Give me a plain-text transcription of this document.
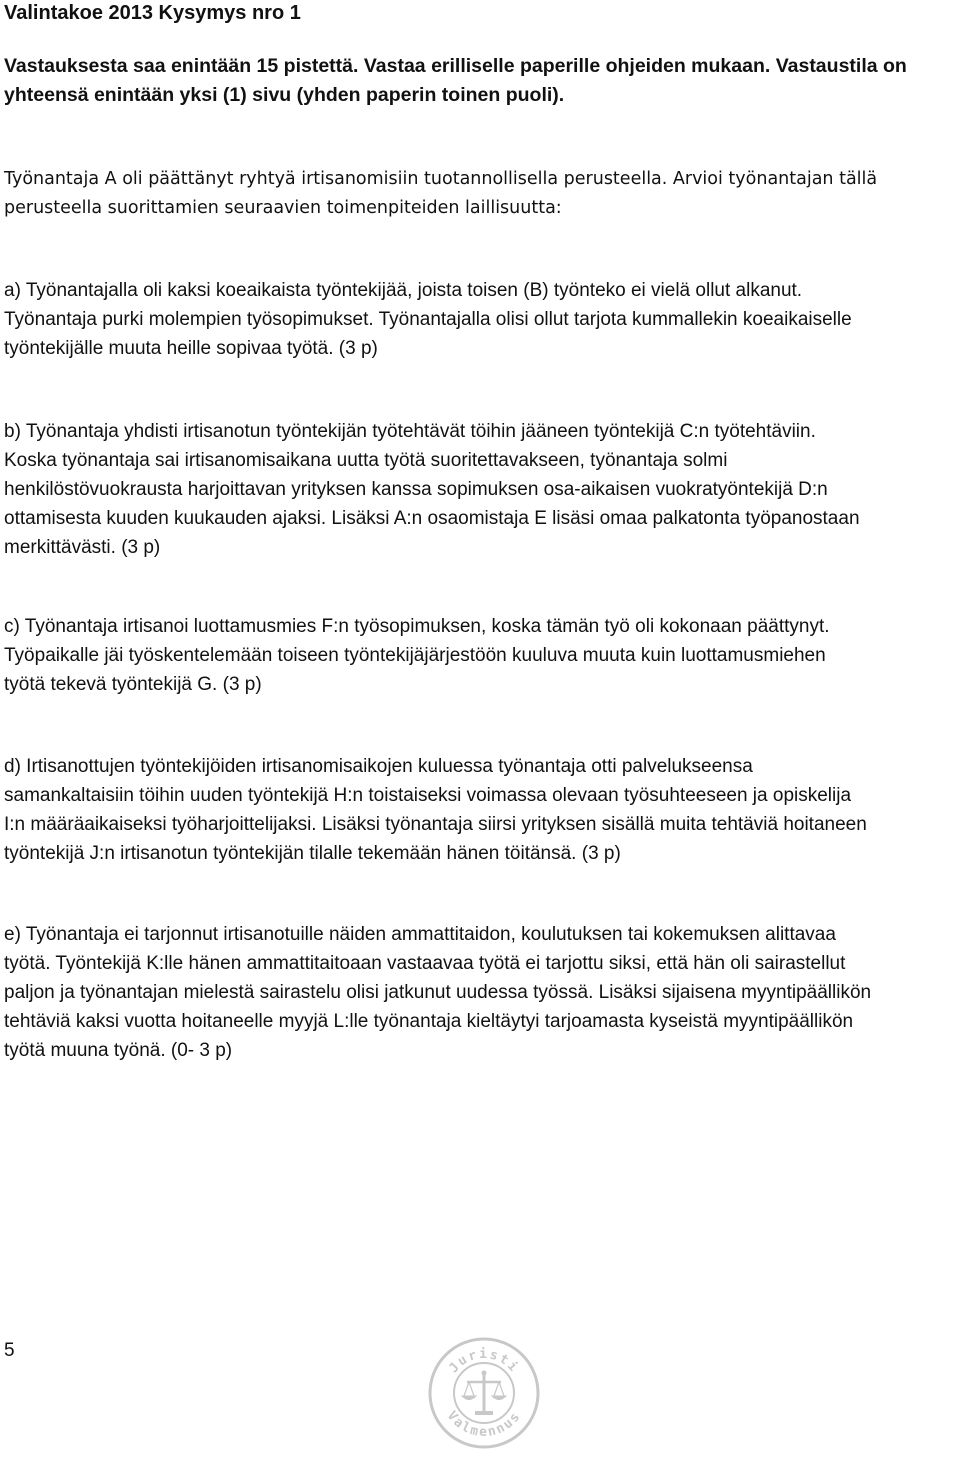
Valintakoe 2013 Kysymys nro 1

Vastauksesta saa enintään 15 pistettä. Vastaa erilliselle paperille ohjeiden mukaan. Vastaustila on
yhteensä enintään yksi (1) sivu (yhden paperin toinen puoli).

Työnantaja A oli päättänyt ryhtyä irtisanomisiin tuotannollisella perusteella. Arvioi työnantajan tällä
perusteella suorittamien seuraavien toimenpiteiden laillisuutta:

a) Työnantajalla oli kaksi koeaikaista työntekijää, joista toisen (B) työnteko ei vielä ollut alkanut.
Työnantaja purki molempien työsopimukset. Työnantajalla olisi ollut tarjota kummallekin koeaikaiselle
työntekijälle muuta heille sopivaa työtä. (3 p)

b) Työnantaja yhdisti irtisanotun työntekijän työtehtävät töihin jääneen työntekijä C:n työtehtäviin.
Koska työnantaja sai irtisanomisaikana uutta työtä suoritettavakseen, työnantaja solmi
henkilöstövuokrausta harjoittavan yrityksen kanssa sopimuksen osa-aikaisen vuokratyöntekijä D:n
ottamisesta kuuden kuukauden ajaksi. Lisäksi A:n osaomistaja E lisäsi omaa palkatonta työpanostaan
merkittävästi. (3 p)

c) Työnantaja irtisanoi luottamusmies F:n työsopimuksen, koska tämän työ oli kokonaan päättynyt.
Työpaikalle jäi työskentelemään toiseen työntekijäjärjestöön kuuluva muuta kuin luottamusmiehen
työtä tekevä työntekijä G. (3 p)

d) Irtisanottujen työntekijöiden irtisanomisaikojen kuluessa työnantaja otti palvelukseensa
samankaltaisiin töihin uuden työntekijä H:n toistaiseksi voimassa olevaan työsuhteeseen ja opiskelija
I:n määräaikaiseksi työharjoittelijaksi. Lisäksi työnantaja siirsi yrityksen sisällä muita tehtäviä hoitaneen
työntekijä J:n irtisanotun työntekijän tilalle tekemään hänen töitänsä. (3 p)

e) Työnantaja ei tarjonnut irtisanotuille näiden ammattitaidon, koulutuksen tai kokemuksen alittavaa
työtä. Työntekijä K:lle hänen ammattitaitoaan vastaavaa työtä ei tarjottu siksi, että hän oli sairastellut
paljon ja työnantajan mielestä sairastelu olisi jatkunut uudessa työssä. Lisäksi sijaisena myyntipäällikön
tehtäviä kaksi vuotta hoitaneelle myyjä L:lle työnantaja kieltäytyi tarjoamasta kyseistä myyntipäällikön
työtä muuna työnä. (0- 3 p)

5
Juristi
Valmennus
